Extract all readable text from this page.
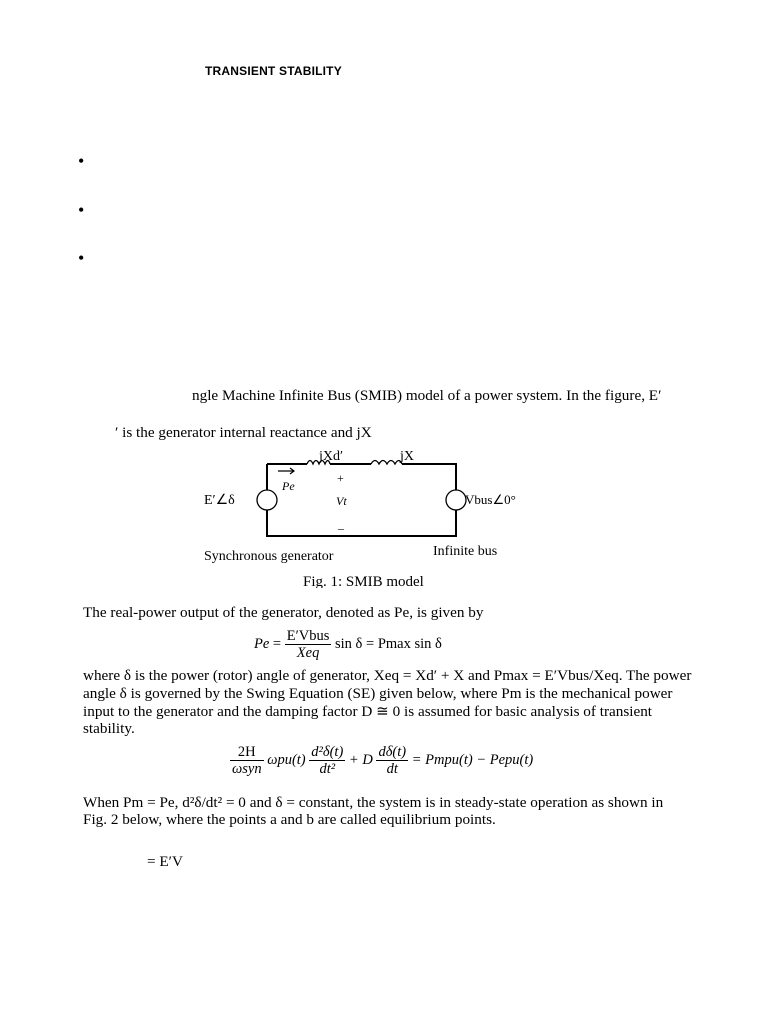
TRANSIENT STABILITY
•
•
•
ngle Machine Infinite Bus (SMIB) model of a power system. In the figure, E′
′ is the generator internal reactance and jX
jXd′	jX
Pe
+
Vt
–
E′∠δ	Vbus∠0°
Synchronous generator	Infinite bus
Fig. 1: SMIB model
The real-power output of the generator, denoted as Pe, is given by
$Pe = \frac{\text{E′Vbus}}{\text{Xeq}}$ sin δ = Pmax sin δ
where δ is the power (rotor) angle of generator, Xeq = Xd′ + X and Pmax = E′Vbus/Xeq. The power
angle δ is governed by the Swing Equation (SE) given below, where Pm is the mechanical power
input to the generator and the damping factor D ≅ 0 is assumed for basic analysis of transient
stability.
$\frac{2H}{\text{ωsyn}} \omega pu(t) \frac{\text{d²δ(t)}}{\text{dt²}} + D \frac{d\delta(t)}{dt}$ = Pmpu(t) − Pepu(t)
When Pm = Pe, d²δ/dt² = 0 and δ = constant, the system is in steady-state operation as shown in
Fig. 2 below, where the points a and b are called equilibrium points.
= E′V
